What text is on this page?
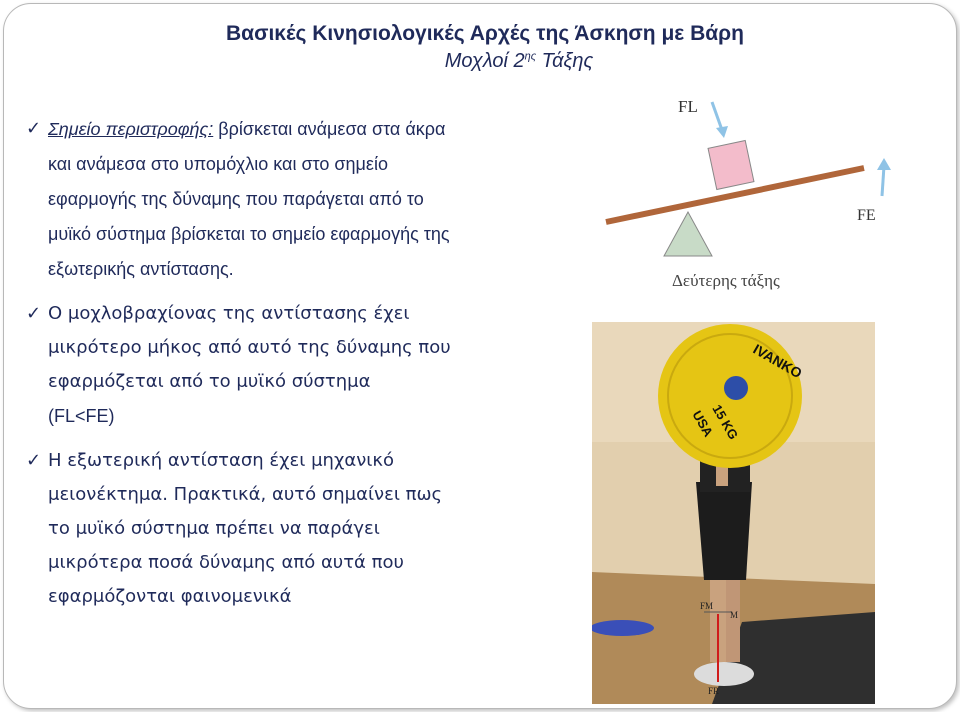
Βασικές Κινησιολογικές Αρχές της Άσκηση με Βάρη
Μοχλοί $2^{\eta\varsigma}$ Τάξης
✓ Σημείο περιστροφής: βρίσκεται ανάμεσα στα άκρα και ανάμεσα στο υπομόχλιο και στο σημείο εφαρμογής της δύναμης που παράγεται από το μυϊκό σύστημα βρίσκεται το σημείο εφαρμογής της εξωτερικής αντίστασης.
✓ Ο μοχλοβραχίονας της αντίστασης έχει μικρότερο μήκος από αυτό της δύναμης που εφαρμόζεται από το μυϊκό σύστημα
(FL<FE)
✓ Η εξωτερική αντίσταση έχει μηχανικό μειονέκτημα. Πρακτικά, αυτό σημαίνει πως το μυϊκό σύστημα πρέπει να παράγει μικρότερα ποσά δύναμης από αυτά που εφαρμόζονται φαινομενικά
FL
FE
Δεύτερης τάξης
IVANKO
15 KG
USA
FM
M
FR
